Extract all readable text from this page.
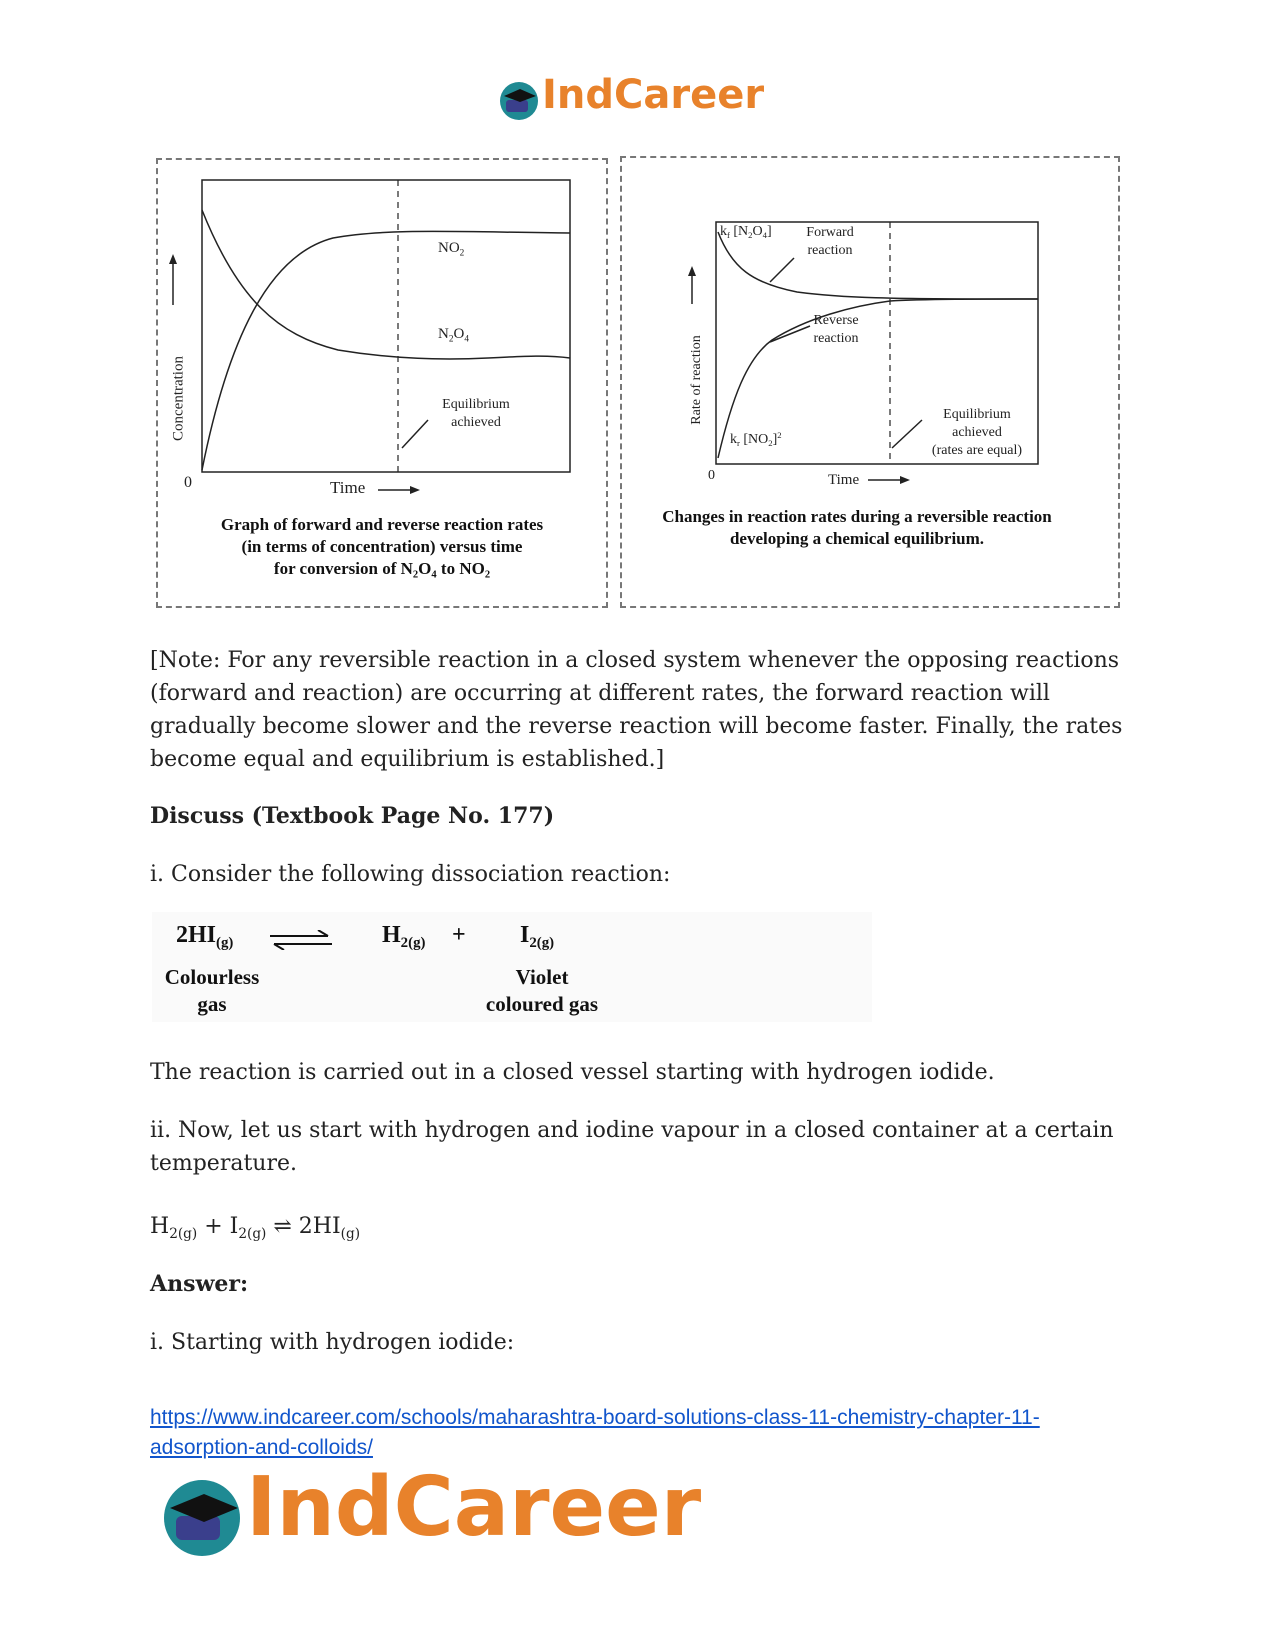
IndCareer
Concentration
0	Time
$NO_2$
$N_2O_4$
Equilibrium
achieved
Graph of forward and reverse reaction rates
(in terms of concentration) versus time
for conversion of $N_2O_4$ to $NO_2$
Rate of reaction
0	Time
$k_f$ $[N_2O_4]$	Forward
reaction
Reverse
reaction
$k_r$ $[NO_2]^2$
Equilibrium
achieved
(rates are equal)
Changes in reaction rates during a reversible reaction
developing a chemical equilibrium.
[Note: For any reversible reaction in a closed system whenever the opposing reactions (forward and reaction) are occurring at different rates, the forward reaction will gradually become slower and the reverse reaction will become faster. Finally, the rates become equal and equilibrium is established.]
Discuss (Textbook Page No. 177)
i. Consider the following dissociation reaction:
$2HI_{(g)}$	$H_{2(g)} + I_{2(g)}$
Colourless
gas
Violet
coloured gas
The reaction is carried out in a closed vessel starting with hydrogen iodide.
ii. Now, let us start with hydrogen and iodine vapour in a closed container at a certain temperature.
$H_{2(g)} + I_{2(g)}$ ⇌ $2HI_{(g)}$
Answer:
i. Starting with hydrogen iodide:
https://www.indcareer.com/schools/maharashtra-board-solutions-class-11-chemistry-chapter-11-
adsorption-and-colloids/
IndCareer
